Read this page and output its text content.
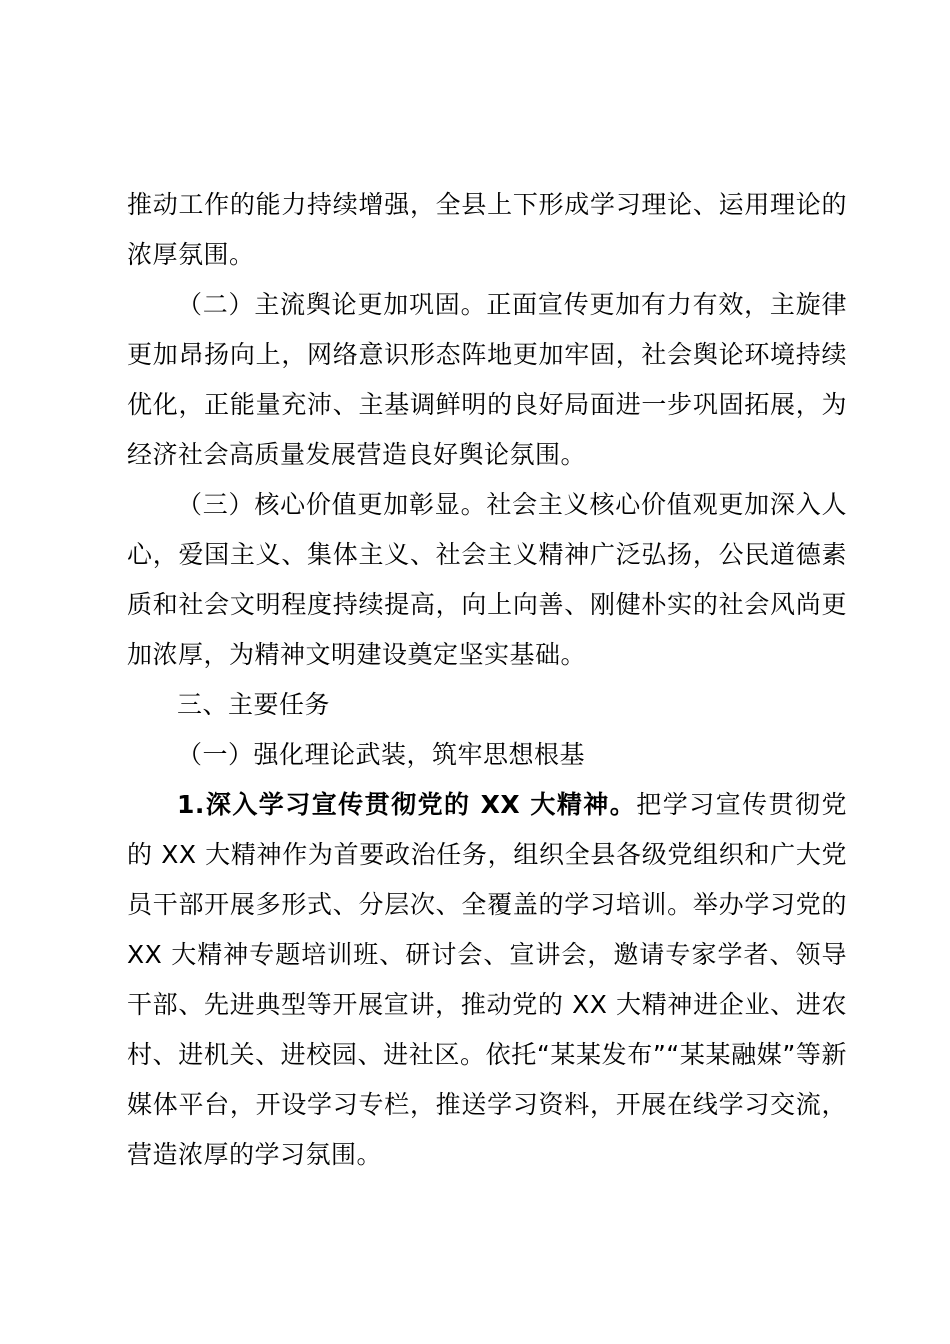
推动工作的能力持续增强，全县上下形成学习理论、运用理论的浓厚氛围。

（二）主流舆论更加巩固。正面宣传更加有力有效，主旋律更加昂扬向上，网络意识形态阵地更加牢固，社会舆论环境持续优化，正能量充沛、主基调鲜明的良好局面进一步巩固拓展，为经济社会高质量发展营造良好舆论氛围。

（三）核心价值更加彰显。社会主义核心价值观更加深入人心，爱国主义、集体主义、社会主义精神广泛弘扬，公民道德素质和社会文明程度持续提高，向上向善、刚健朴实的社会风尚更加浓厚，为精神文明建设奠定坚实基础。

三、主要任务

（一）强化理论武装，筑牢思想根基

1.深入学习宣传贯彻党的 XX 大精神。把学习宣传贯彻党的 XX 大精神作为首要政治任务，组织全县各级党组织和广大党员干部开展多形式、分层次、全覆盖的学习培训。举办学习党的 XX 大精神专题培训班、研讨会、宣讲会，邀请专家学者、领导干部、先进典型等开展宣讲，推动党的 XX 大精神进企业、进农村、进机关、进校园、进社区。依托“某某发布”“某某融媒”等新媒体平台，开设学习专栏，推送学习资料，开展在线学习交流，营造浓厚的学习氛围。
